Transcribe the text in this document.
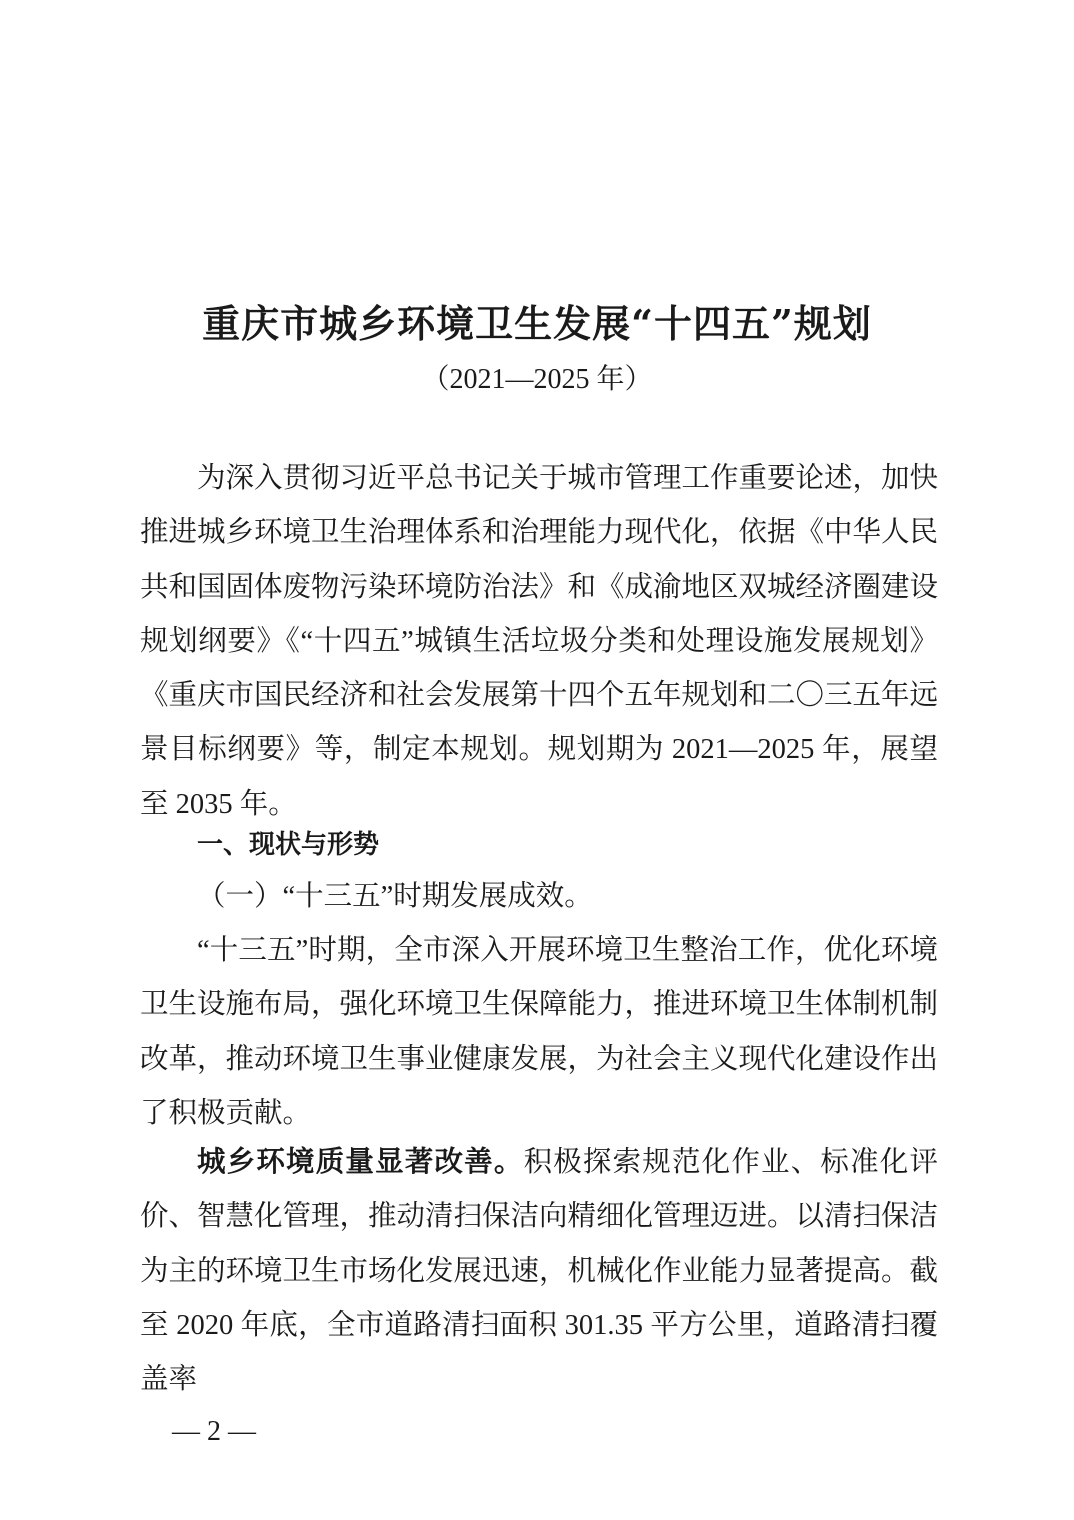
重庆市城乡环境卫生发展“十四五”规划
（2021—2025 年）
为深入贯彻习近平总书记关于城市管理工作重要论述，加快推进城乡环境卫生治理体系和治理能力现代化，依据《中华人民共和国固体废物污染环境防治法》和《成渝地区双城经济圈建设规划纲要》《“十四五”城镇生活垃圾分类和处理设施发展规划》《重庆市国民经济和社会发展第十四个五年规划和二〇三五年远景目标纲要》等，制定本规划。规划期为 2021—2025 年，展望至 2035 年。
一、现状与形势
（一）“十三五”时期发展成效。
“十三五”时期，全市深入开展环境卫生整治工作，优化环境卫生设施布局，强化环境卫生保障能力，推进环境卫生体制机制改革，推动环境卫生事业健康发展，为社会主义现代化建设作出了积极贡献。
城乡环境质量显著改善。积极探索规范化作业、标准化评价、智慧化管理，推动清扫保洁向精细化管理迈进。以清扫保洁为主的环境卫生市场化发展迅速，机械化作业能力显著提高。截至 2020 年底，全市道路清扫面积 301.35 平方公里，道路清扫覆盖率
— 2 —
